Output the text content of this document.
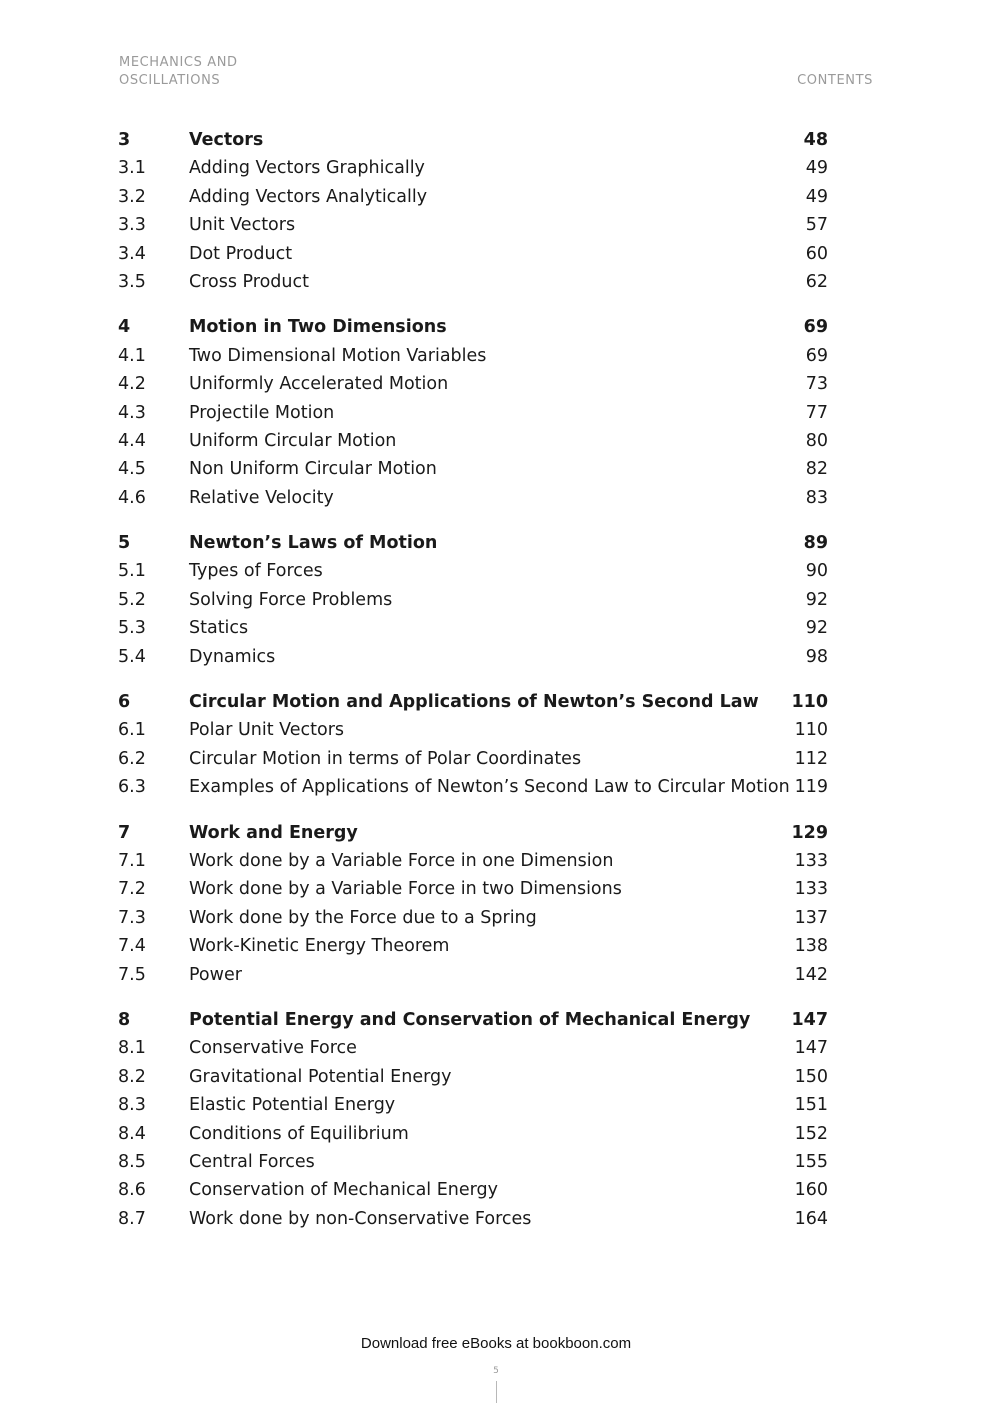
MECHANICS AND
OSCILLATIONS	CONTENTS
3	Vectors	48
3.1 Adding Vectors Graphically	49
3.2 Adding Vectors Analytically	49
3.3 Unit Vectors	57
3.4 Dot Product	60
3.5 Cross Product	62
4	Motion in Two Dimensions	69
4.1 Two Dimensional Motion Variables	69
4.2 Uniformly Accelerated Motion	73
4.3 Projectile Motion	77
4.4 Uniform Circular Motion	80
4.5 Non Uniform Circular Motion	82
4.6 Relative Velocity	83
5	Newton’s Laws of Motion	89
5.1 Types of Forces	90
5.2 Solving Force Problems	92
5.3 Statics	92
5.4 Dynamics	98
6	Circular Motion and Applications of Newton’s Second Law 110
6.1 Polar Unit Vectors	110
6.2 Circular Motion in terms of Polar Coordinates	112
6.3 Examples of Applications of Newton’s Second Law to Circular Motion 119
7	Work and Energy	129
7.1 Work done by a Variable Force in one Dimension	133
7.2 Work done by a Variable Force in two Dimensions	133
7.3 Work done by the Force due to a Spring	137
7.4 Work-Kinetic Energy Theorem	138
7.5 Power	142
8	Potential Energy and Conservation of Mechanical Energy 147
8.1 Conservative Force	147
8.2 Gravitational Potential Energy	150
8.3 Elastic Potential Energy	151
8.4 Conditions of Equilibrium	152
8.5 Central Forces	155
8.6 Conservation of Mechanical Energy	160
8.7 Work done by non-Conservative Forces	164
Download free eBooks at bookboon.com
5
